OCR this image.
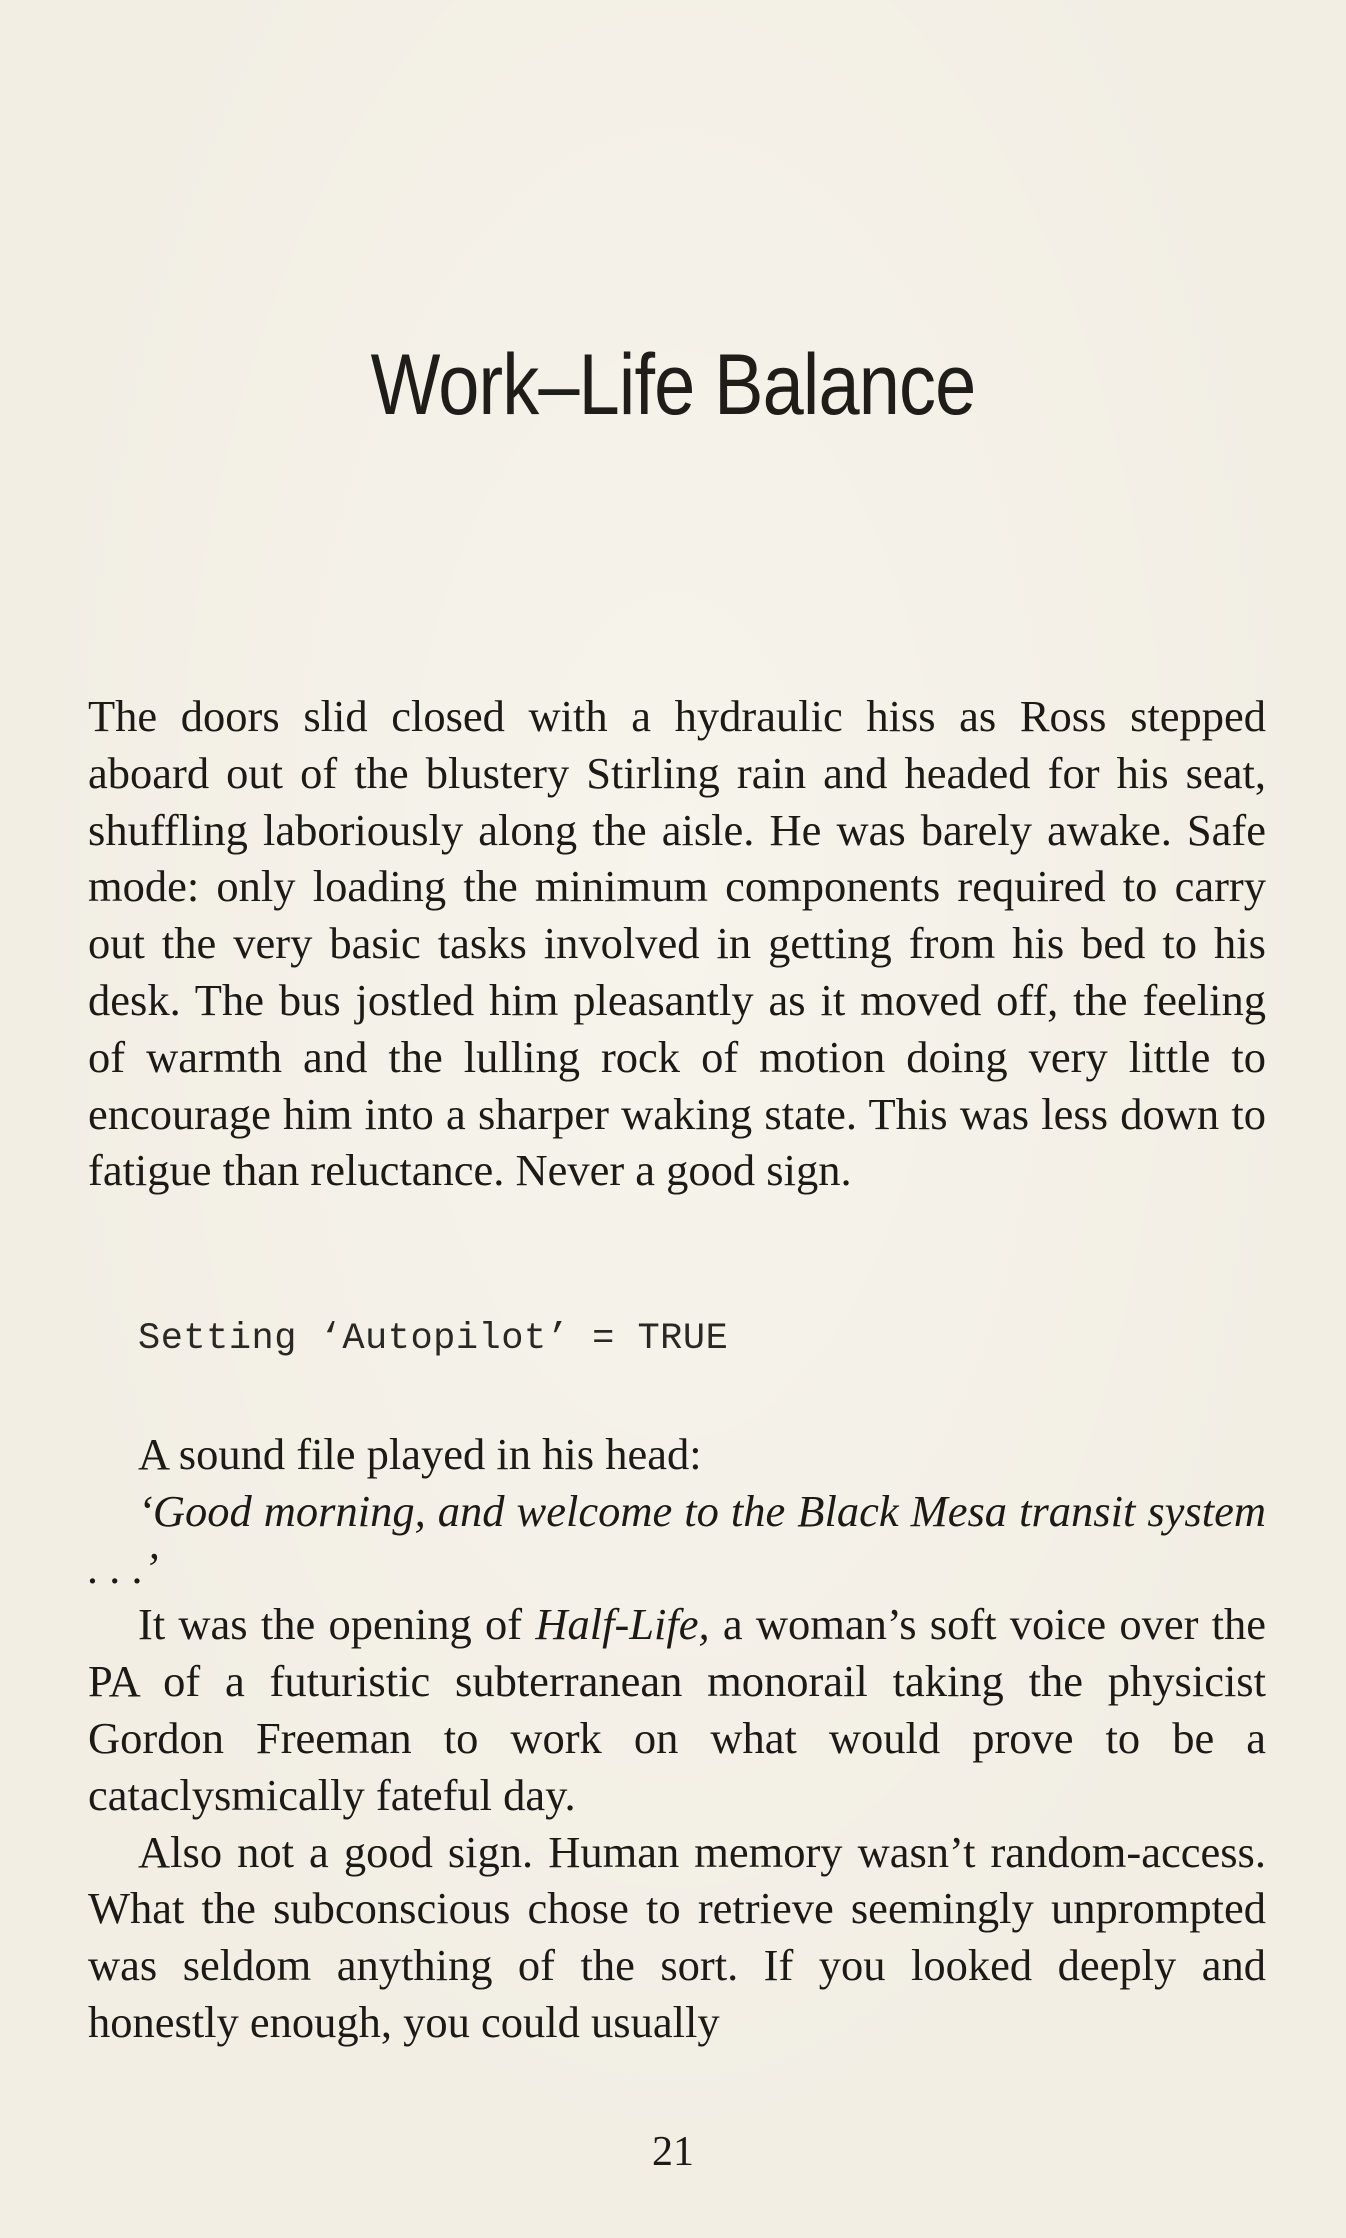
Work–Life Balance

The doors slid closed with a hydraulic hiss as Ross stepped aboard out of the blustery Stirling rain and headed for his seat, shuffling laboriously along the aisle. He was barely awake. Safe mode: only loading the minimum components required to carry out the very basic tasks involved in getting from his bed to his desk. The bus jostled him pleasantly as it moved off, the feeling of warmth and the lulling rock of motion doing very little to encourage him into a sharper waking state. This was less down to fatigue than reluctance. Never a good sign.

Setting ‘Autopilot’ = TRUE

A sound file played in his head:

‘Good morning, and welcome to the Black Mesa transit system . . .’

It was the opening of Half-Life, a woman’s soft voice over the PA of a futuristic subterranean monorail taking the physicist Gordon Freeman to work on what would prove to be a cataclysmically fateful day.

Also not a good sign. Human memory wasn’t random-access. What the subconscious chose to retrieve seemingly unprompted was seldom anything of the sort. If you looked deeply and honestly enough, you could usually

21
